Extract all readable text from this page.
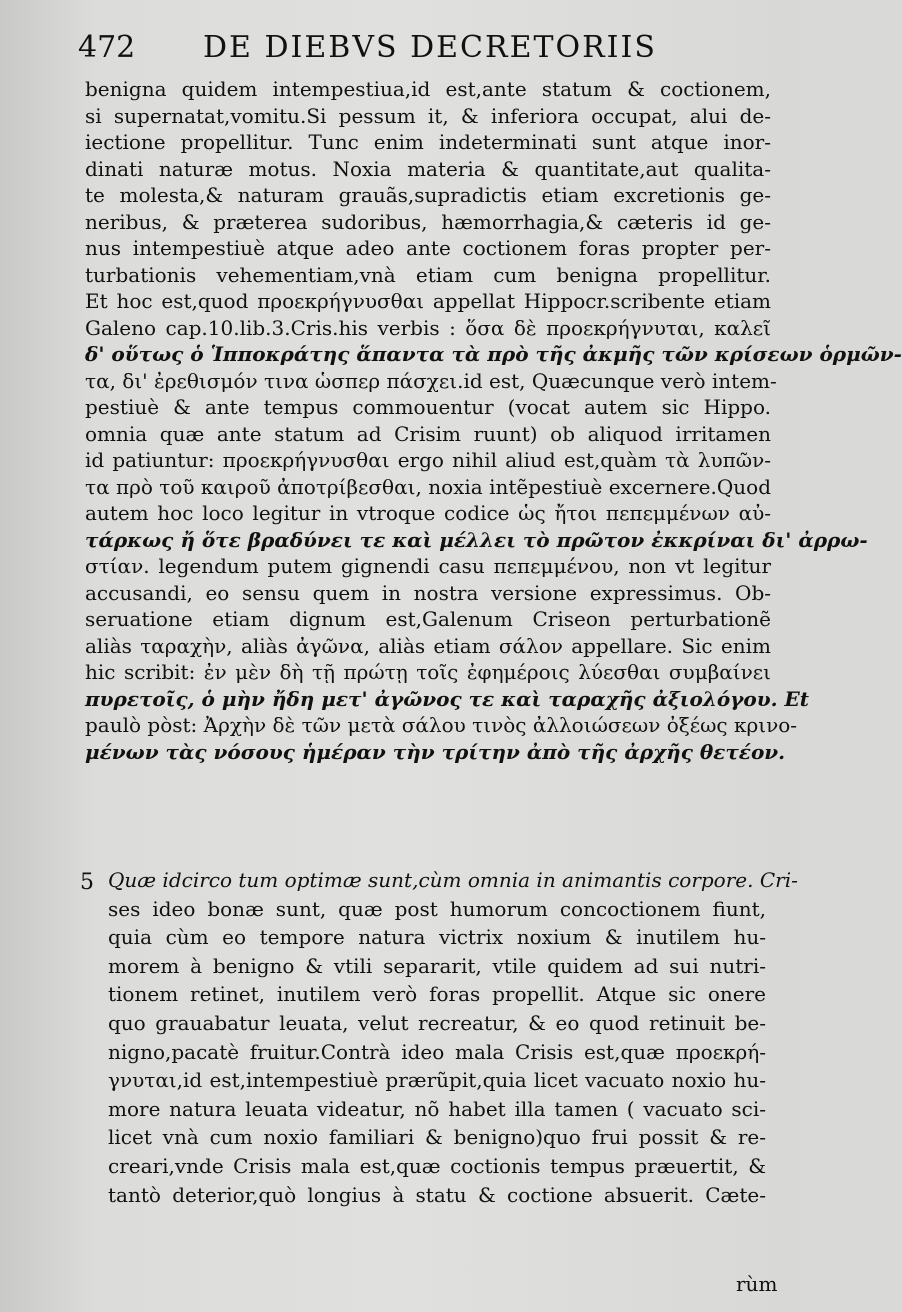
472 DE DIEBVS DECRETORIIS
benigna quidem intempestiua,id est,ante statum & coctionem,
si supernatat,vomitu.Si pessum it, & inferiora occupat, alui de-
iectione propellitur. Tunc enim indeterminati sunt atque inor-
dinati naturæ motus. Noxia materia & quantitate,aut qualita-
te molesta,& naturam grauãs,supradictis etiam excretionis ge-
neribus, & præterea sudoribus, hæmorrhagia,& cæteris id ge-
nus intempestiuè atque adeo ante coctionem foras propter per-
turbationis vehementiam,vnà etiam cum benigna propellitur.
Et hoc est,quod προεκρήγνυσθαι appellat Hippocr.scribente etiam
Galeno cap.10.lib.3.Cris.his verbis : ὅσα δὲ προεκρήγνυται, καλεῖ
δ' οὕτως ὁ Ἱπποκράτης ἅπαντα τὰ πρὸ τῆς ἀκμῆς τῶν κρίσεων ὁρμῶν-
τα, δι' ἐρεθισμόν τινα ὡσπερ πάσχει.id est, Quæcunque verò intem-
pestiuè & ante tempus commouentur (vocat autem sic Hippo.
omnia quæ ante statum ad Crisim ruunt) ob aliquod irritamen
id patiuntur: προεκρήγνυσθαι ergo nihil aliud est,quàm τὰ λυπῶν-
τα πρὸ τοῦ καιροῦ ἀποτρίβεσθαι, noxia intẽpestiuè excernere.Quod
autem hoc loco legitur in vtroque codice ὡς ἤτοι πεπεμμένων αὐ-
τάρκως ἤ ὅτε βραδύνει τε καὶ μέλλει τὸ πρῶτον ἐκκρίναι δι' ἀρρω-
στίαν. legendum putem gignendi casu πεπεμμένου, non vt legitur
accusandi, eo sensu quem in nostra versione expressimus. Ob-
seruatione etiam dignum est,Galenum Criseon perturbationẽ
aliàs ταραχὴν, aliàs ἀγῶνα, aliàs etiam σάλον appellare. Sic enim
hic scribit: ἐν μὲν δὴ τῇ πρώτῃ τοῖς ἐφημέροις λύεσθαι συμβαίνει
πυρετοῖς, ὁ μὴν ἤδη μετ' ἀγῶνος τε καὶ ταραχῆς ἀξιολόγου. Et
paulò pòst: Ἀρχὴν δὲ τῶν μετὰ σάλου τινὸς ἀλλοιώσεων ὀξέως κρινο-
μένων τὰς νόσους ἡμέραν τὴν τρίτην ἀπὸ τῆς ἀρχῆς θετέον.
5 Quæ idcirco tum optimæ sunt,cùm omnia in animantis corpore. Cri-
ses ideo bonæ sunt, quæ post humorum concoctionem fiunt,
quia cùm eo tempore natura victrix noxium & inutilem hu-
morem à benigno & vtili separarit, vtile quidem ad sui nutri-
tionem retinet, inutilem verò foras propellit. Atque sic onere
quo grauabatur leuata, velut recreatur, & eo quod retinuit be-
nigno,pacatè fruitur.Contrà ideo mala Crisis est,quæ προεκρή-
γνυται,id est,intempestiuè prærũpit,quia licet vacuato noxio hu-
more natura leuata videatur, nõ habet illa tamen ( vacuato sci-
licet vnà cum noxio familiari & benigno)quo frui possit & re-
creari,vnde Crisis mala est,quæ coctionis tempus præuertit, &
tantò deterior,quò longius à statu & coctione absuerit. Cæte-
rùm
